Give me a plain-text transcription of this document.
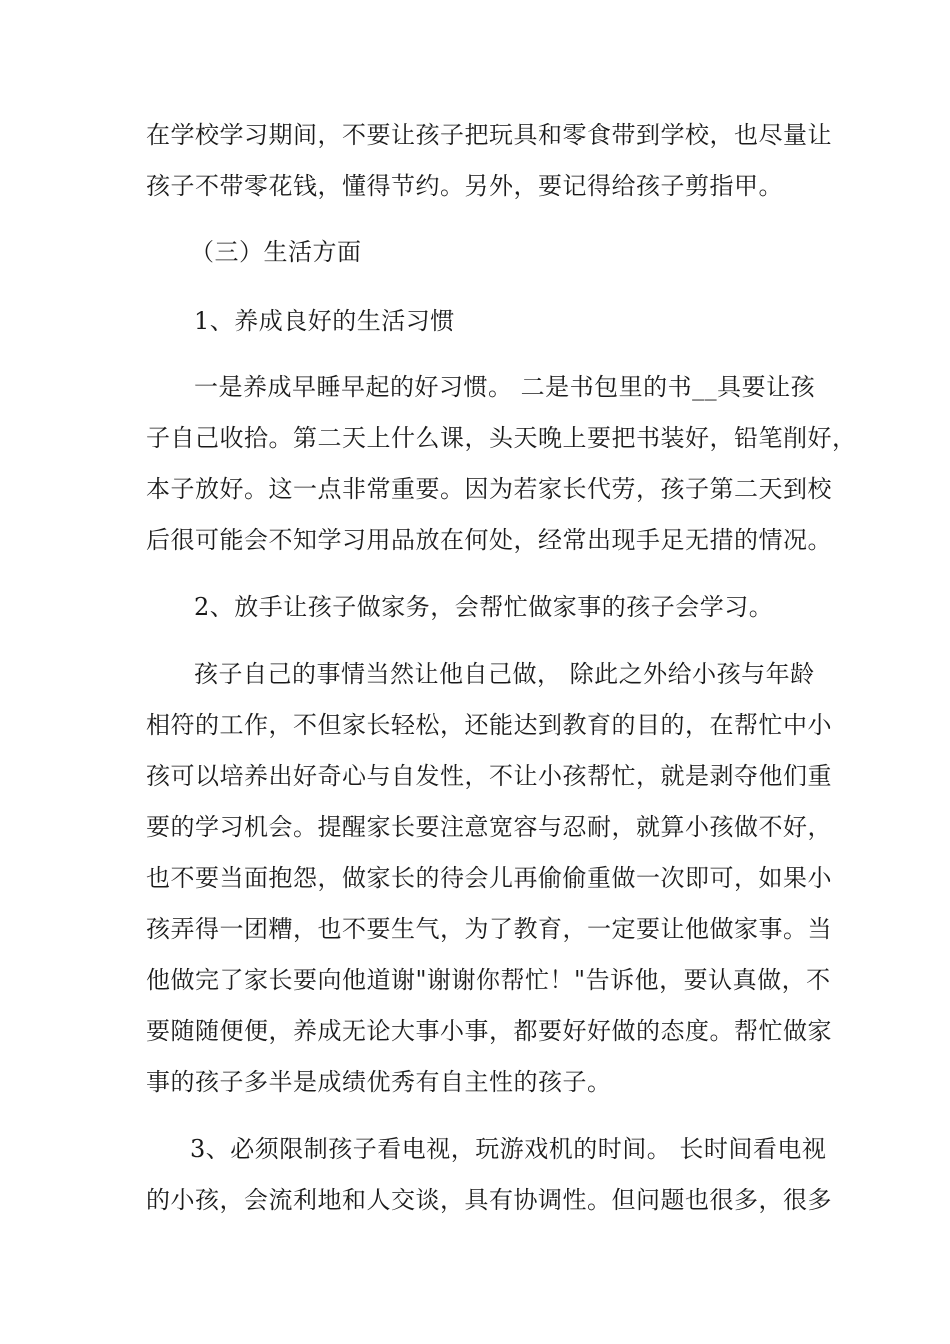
在学校学习期间，不要让孩子把玩具和零食带到学校，也尽量让
孩子不带零花钱，懂得节约。另外，要记得给孩子剪指甲。
（三）生活方面
1、养成良好的生活习惯
一是养成早睡早起的好习惯。 二是书包里的书__具要让孩
子自己收拾。第二天上什么课，头天晚上要把书装好，铅笔削好，
本子放好。这一点非常重要。因为若家长代劳，孩子第二天到校
后很可能会不知学习用品放在何处，经常出现手足无措的情况。
2、放手让孩子做家务，会帮忙做家事的孩子会学习。
孩子自己的事情当然让他自己做， 除此之外给小孩与年龄
相符的工作，不但家长轻松，还能达到教育的目的，在帮忙中小
孩可以培养出好奇心与自发性，不让小孩帮忙，就是剥夺他们重
要的学习机会。提醒家长要注意宽容与忍耐，就算小孩做不好，
也不要当面抱怨，做家长的待会儿再偷偷重做一次即可，如果小
孩弄得一团糟，也不要生气，为了教育，一定要让他做家事。当
他做完了家长要向他道谢"谢谢你帮忙！"告诉他，要认真做，不
要随随便便，养成无论大事小事，都要好好做的态度。帮忙做家
事的孩子多半是成绩优秀有自主性的孩子。
3、必须限制孩子看电视，玩游戏机的时间。 长时间看电视
的小孩，会流利地和人交谈，具有协调性。但问题也很多，很多
